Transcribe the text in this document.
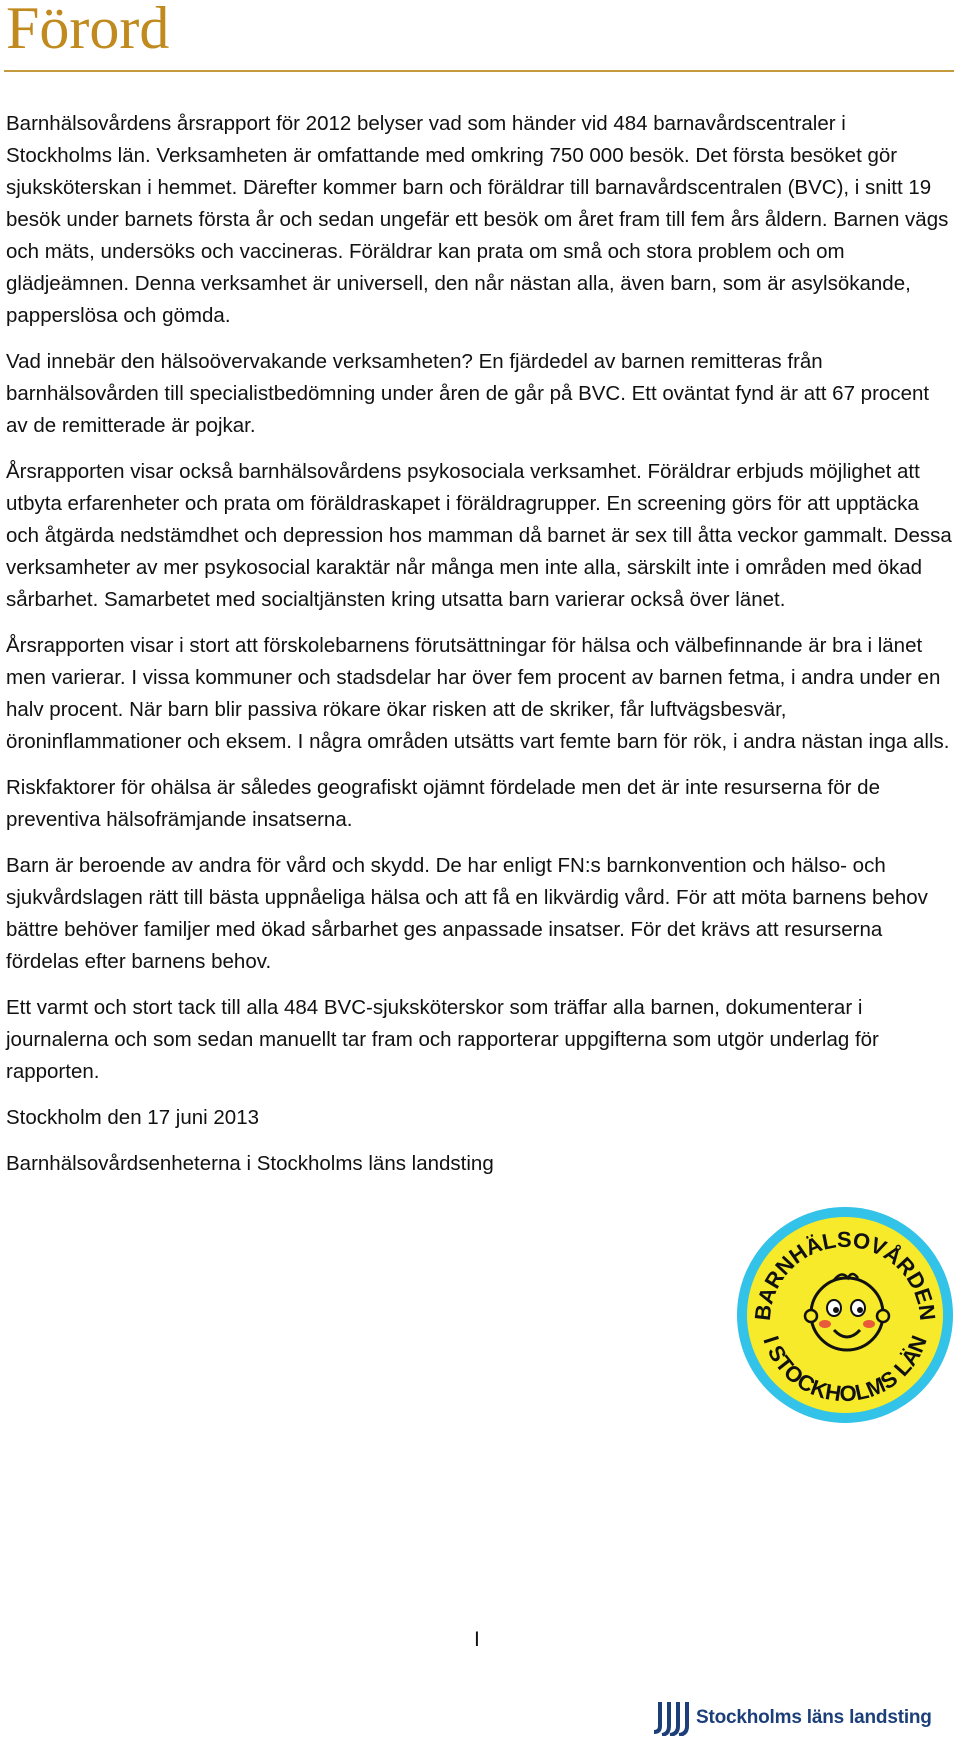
Förord

Barnhälsovårdens årsrapport för 2012 belyser vad som händer vid 484 barnavårdscentraler i Stockholms län. Verksamheten är omfattande med omkring 750 000 besök. Det första besöket gör sjuksköterskan i hemmet. Därefter kommer barn och föräldrar till barnavårdscentralen (BVC), i snitt 19 besök under barnets första år och sedan ungefär ett besök om året fram till fem års åldern. Barnen vägs och mäts, undersöks och vaccineras. Föräldrar kan prata om små och stora problem och om glädjeämnen. Denna verksamhet är universell, den når nästan alla, även barn, som är asylsökande, papperslösa och gömda.

Vad innebär den hälsoövervakande verksamheten? En fjärdedel av barnen remitteras från barnhälsovården till specialistbedömning under åren de går på BVC. Ett oväntat fynd är att 67 procent av de remitterade är pojkar.

Årsrapporten visar också barnhälsovårdens psykosociala verksamhet. Föräldrar erbjuds möjlighet att utbyta erfarenheter och prata om föräldraskapet i föräldragrupper. En screening görs för att upptäcka och åtgärda nedstämdhet och depression hos mamman då barnet är sex till åtta veckor gammalt. Dessa verksamheter av mer psykosocial karaktär når många men inte alla, särskilt inte i områden med ökad sårbarhet. Samarbetet med socialtjänsten kring utsatta barn varierar också över länet.

Årsrapporten visar i stort att förskolebarnens förutsättningar för hälsa och välbefinnande är bra i länet men varierar. I vissa kommuner och stadsdelar har över fem procent av barnen fetma, i andra under en halv procent. När barn blir passiva rökare ökar risken att de skriker, får luftvägsbesvär, öroninflammationer och eksem. I några områden utsätts vart femte barn för rök, i andra nästan inga alls.

Riskfaktorer för ohälsa är således geografiskt ojämnt fördelade men det är inte resurserna för de preventiva hälsofrämjande insatserna.

Barn är beroende av andra för vård och skydd. De har enligt FN:s barnkonvention och hälso- och sjukvårdslagen rätt till bästa uppnåeliga hälsa och att få en likvärdig vård. För att möta barnens behov bättre behöver familjer med ökad sårbarhet ges anpassade insatser. För det krävs att resurserna fördelas efter barnens behov.

Ett varmt och stort tack till alla 484 BVC-sjuksköterskor som träffar alla barnen, dokumenterar i journalerna och som sedan manuellt tar fram och rapporterar uppgifterna som utgör underlag för rapporten.

Stockholm den 17 juni 2013

Barnhälsovårdsenheterna i Stockholms läns landsting

BARNHÄLSOVÅRDEN
I STOCKHOLMS LÄN
I
Stockholms läns landsting
